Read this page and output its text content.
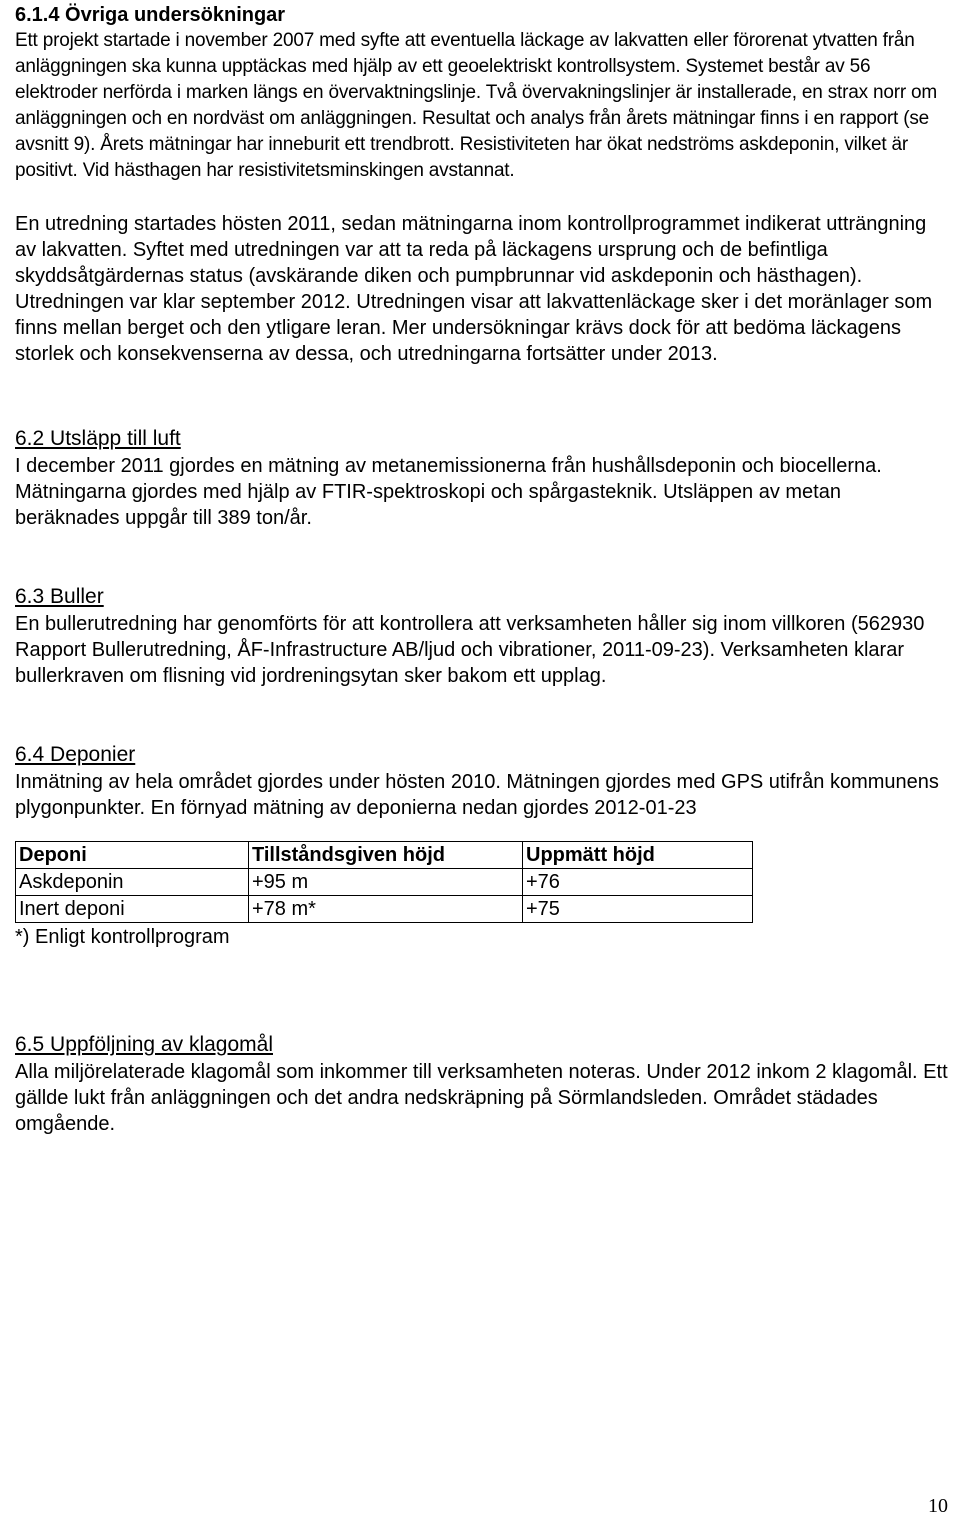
6.1.4 Övriga undersökningar

Ett projekt startade i november 2007 med syfte att eventuella läckage av lakvatten eller förorenat ytvatten från anläggningen ska kunna upptäckas med hjälp av ett geoelektriskt kontrollsystem. Systemet består av 56 elektroder nerförda i marken längs en övervaktningslinje. Två övervakningslinjer är installerade, en strax norr om anläggningen och en nordväst om anläggningen. Resultat och analys från årets mätningar finns i en rapport (se avsnitt 9). Årets mätningar har inneburit ett trendbrott. Resistiviteten har ökat nedströms askdeponin, vilket är positivt. Vid hästhagen har resistivitetsminskingen avstannat.

En utredning startades hösten 2011, sedan mätningarna inom kontrollprogrammet indikerat utträngning av lakvatten. Syftet med utredningen var att ta reda på läckagens ursprung och de befintliga skyddsåtgärdernas status (avskärande diken och pumpbrunnar vid askdeponin och hästhagen). Utredningen var klar september 2012. Utredningen visar att lakvattenläckage sker i det moränlager som finns mellan berget och den ytligare leran. Mer undersökningar krävs dock för att bedöma läckagens storlek och konsekvenserna av dessa, och utredningarna fortsätter under 2013.

6.2 Utsläpp till luft

I december 2011 gjordes en mätning av metanemissionerna från hushållsdeponin och biocellerna. Mätningarna gjordes med hjälp av FTIR-spektroskopi och spårgasteknik. Utsläppen av metan beräknades uppgår till 389 ton/år.

6.3 Buller

En bullerutredning har genomförts för att kontrollera att verksamheten håller sig inom villkoren (562930 Rapport Bullerutredning, ÅF-Infrastructure AB/ljud och vibrationer, 2011-09-23). Verksamheten klarar bullerkraven om flisning vid jordreningsytan sker bakom ett upplag.

6.4 Deponier

Inmätning av hela området gjordes under hösten 2010. Mätningen gjordes med GPS utifrån kommunens plygonpunkter. En förnyad mätning av deponierna nedan gjordes 2012-01-23

Deponi	Tillståndsgiven höjd	Uppmätt höjd
Askdeponin	+95 m	+76
Inert deponi	+78 m*	+75

*) Enligt kontrollprogram

6.5 Uppföljning av klagomål

Alla miljörelaterade klagomål som inkommer till verksamheten noteras. Under 2012 inkom 2 klagomål. Ett gällde lukt från anläggningen och det andra nedskräpning på Sörmlandsleden. Området städades omgående.

10
